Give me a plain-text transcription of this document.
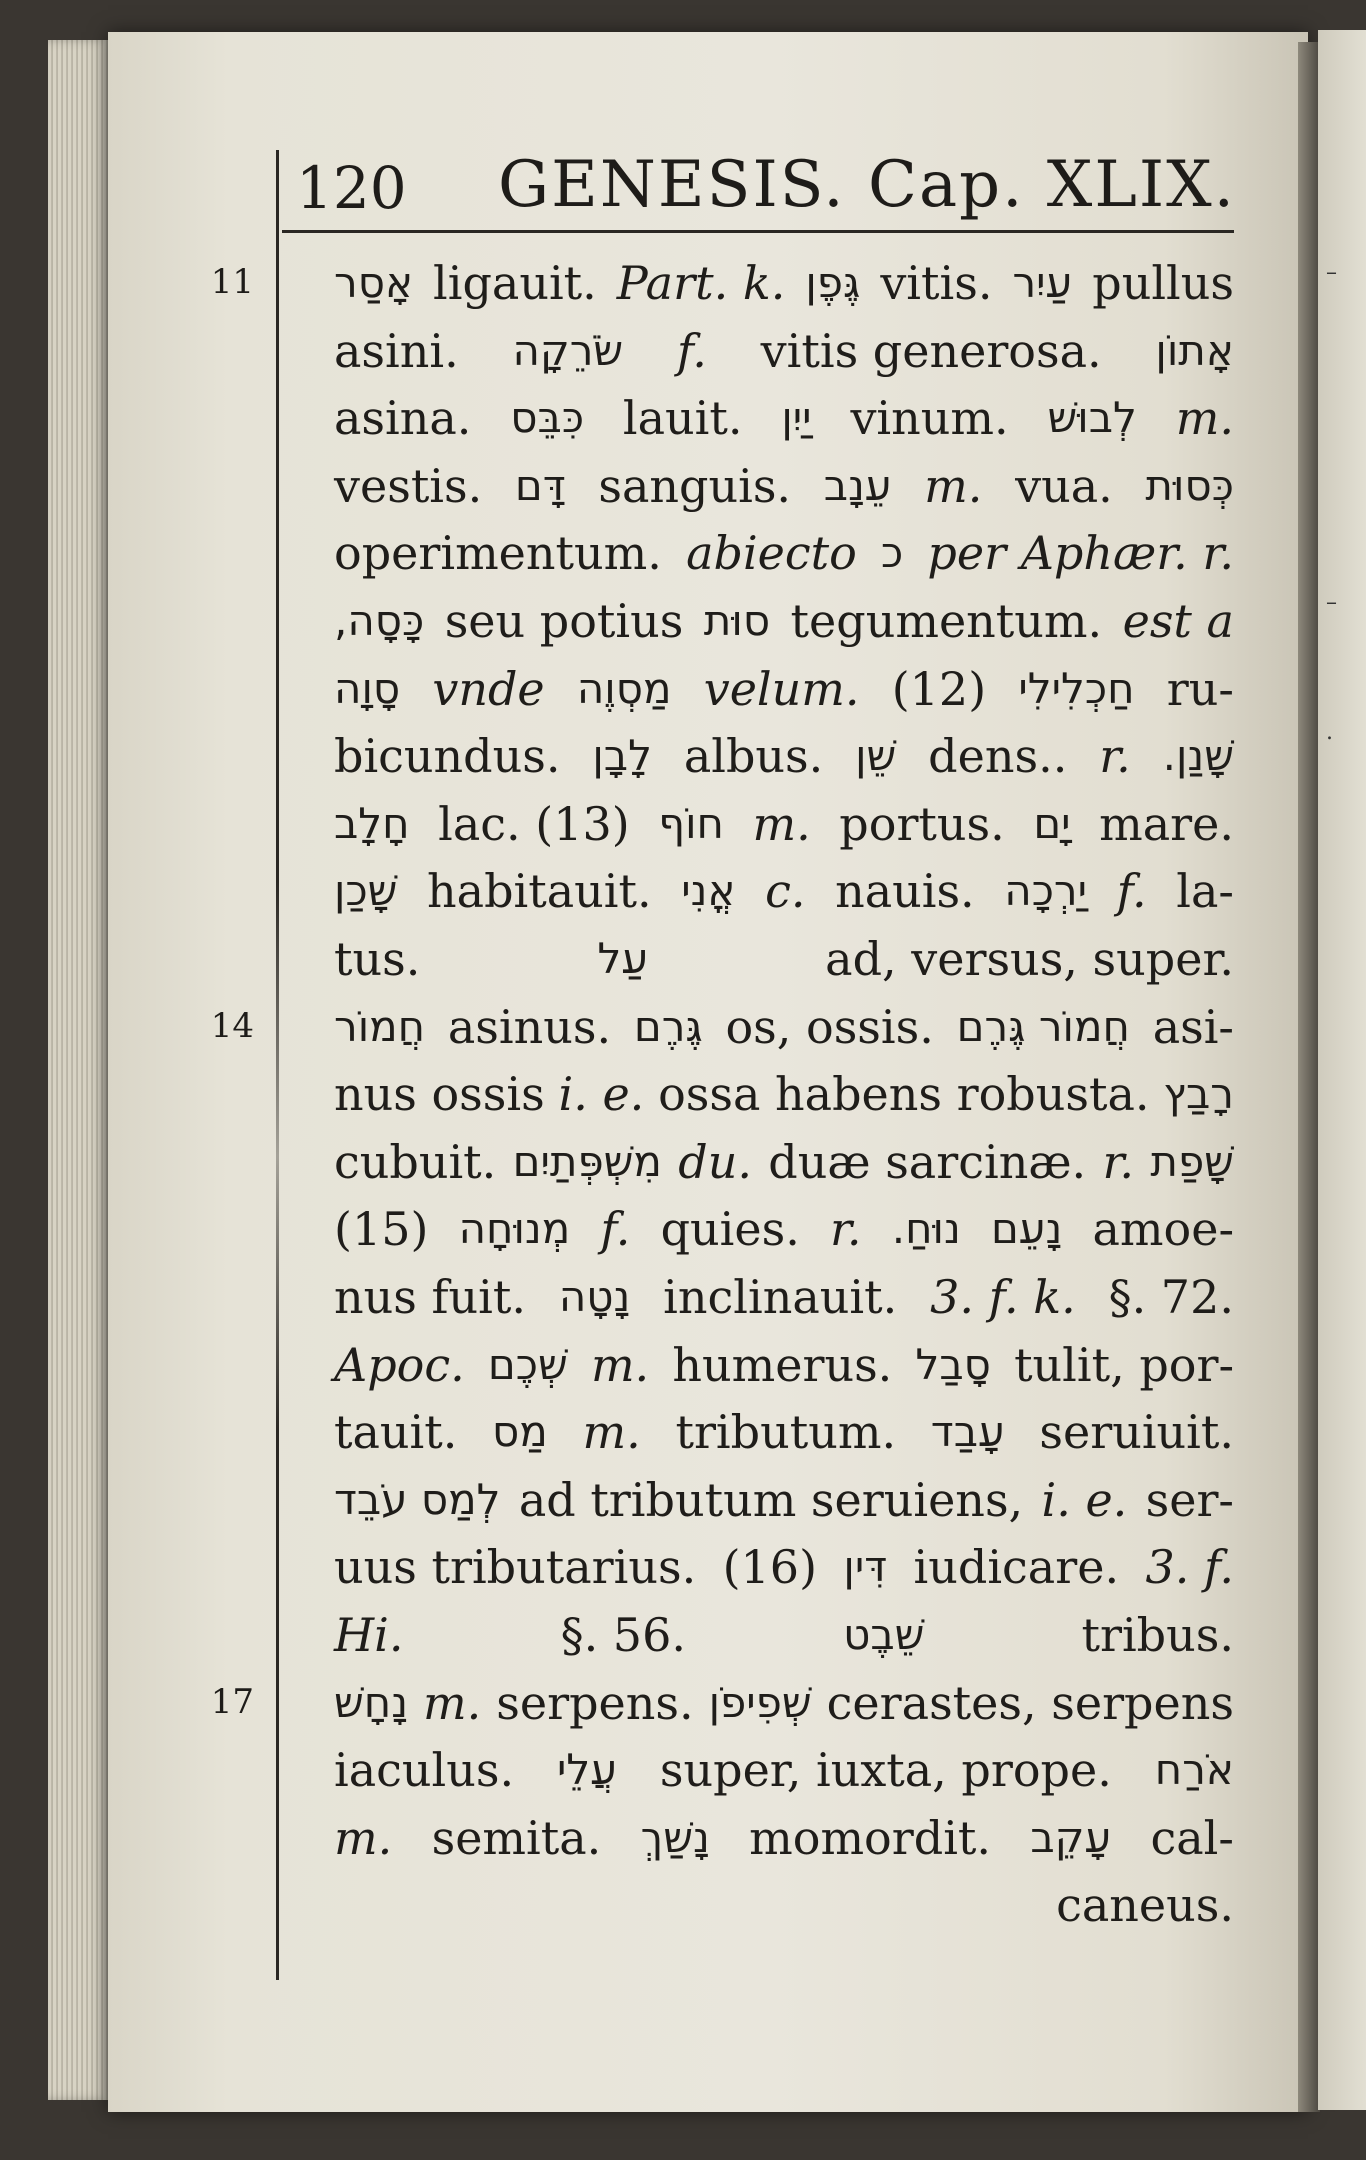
–
–
.
120 GENESIS. Cap. XLIX.
11 אָסַר ligauit. Part. k. גֶּפֶן vitis. עַיִר pullus
asini. שֹׂרֵקָה f. vitis generosa. אָתוֹן
asina. כִּבֵּס lauit. יַיִן vinum. לְבוּשׁ m.
vestis. דָּם sanguis. עֵנָב m. vua. כְּסוּת
operimentum. abiecto כ per Aphær. r.
כָּסָה, seu potius סוּת tegumentum. est a
סָוָה vnde מַסְוֶה velum. (12) חַכְלִילִי ru-
bicundus. לָבָן albus. שֵׁן dens.. r. שָׁנַן.
חָלָב lac. (13) חוֹף m. portus. יָם mare.
שָׁכַן habitauit. אֳנִי c. nauis. יַרְכָה f. la-
tus.	עַל	ad, versus, super.
14 חֲמוֹר asinus. גֶּרֶם os, ossis. חֲמוֹר גֶּרֶם asi-
nus ossis i. e. ossa habens robusta. רָבַץ
cubuit. מִשְׁפְּתַיִם du. duæ sarcinæ. r. שָׁפַת
(15) מְנוּחָה f. quies. r. נוּחַ. נָעֵם amoe-
nus fuit. נָטָה inclinauit. 3. f. k. §. 72.
Apoc. שְׁכֶם m. humerus. סָבַל tulit, por-
tauit. מַס m. tributum. עָבַד seruiuit.
לְמַס עֹבֵד ad tributum seruiens, i. e. ser-
uus tributarius. (16) דִּין iudicare. 3. f.
Hi.	§. 56.	שֵׁבֶט	tribus.
17 נָחָשׁ m. serpens. שְׁפִיפֹן cerastes, serpens
iaculus. עֲלֵי super, iuxta, prope. אֹרַח
m. semita. נָשַׁךְ momordit. עָקֵב cal-
caneus.
